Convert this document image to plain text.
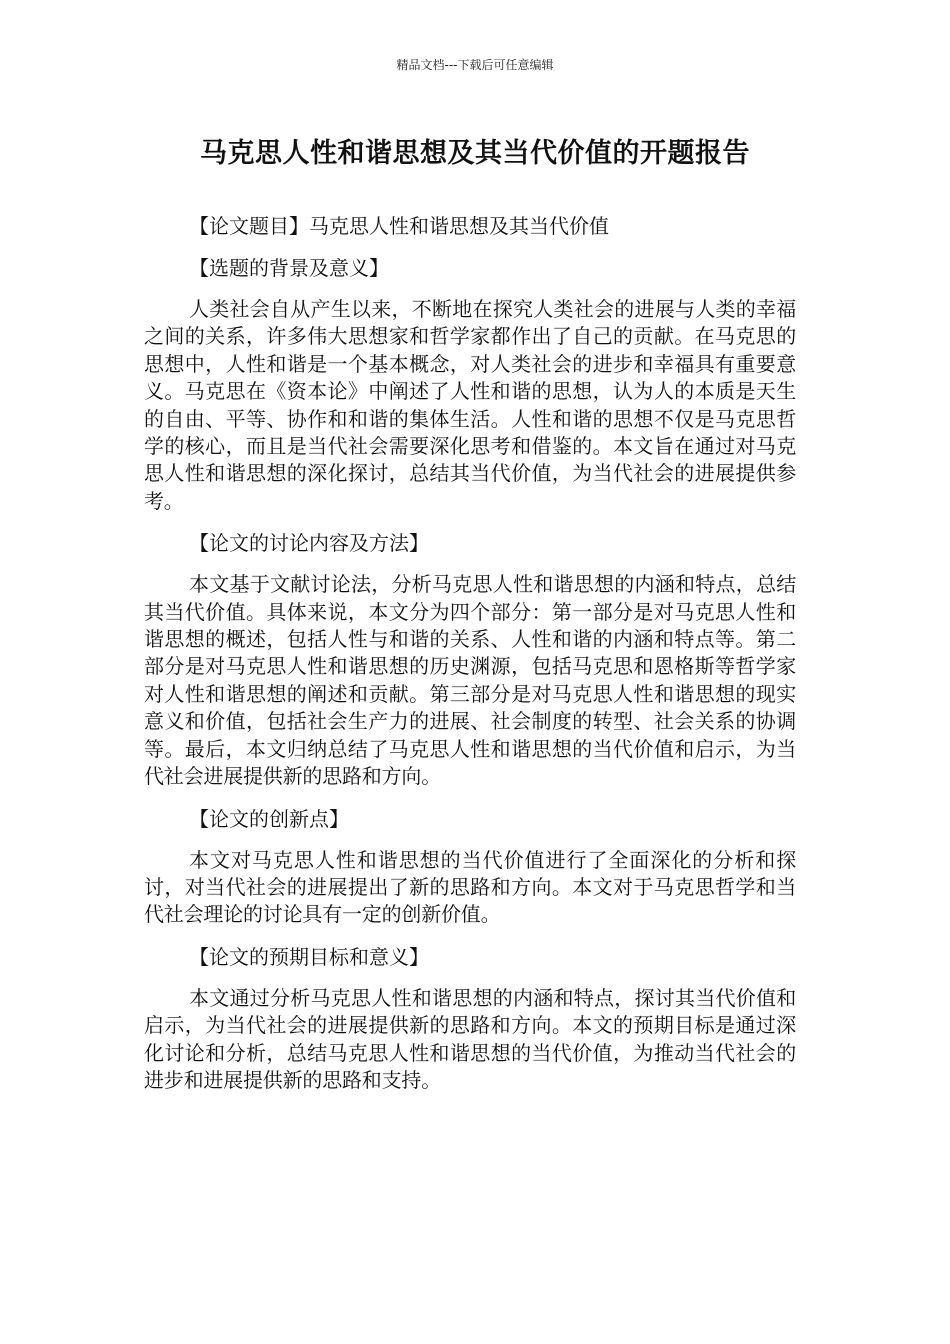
精品文档---下载后可任意编辑
马克思人性和谐思想及其当代价值的开题报告
【论文题目】马克思人性和谐思想及其当代价值
【选题的背景及意义】

人类社会自从产生以来，不断地在探究人类社会的进展与人类的幸福之间的关系，许多伟大思想家和哲学家都作出了自己的贡献。在马克思的思想中，人性和谐是一个基本概念，对人类社会的进步和幸福具有重要意义。马克思在《资本论》中阐述了人性和谐的思想，认为人的本质是天生的自由、平等、协作和和谐的集体生活。人性和谐的思想不仅是马克思哲学的核心，而且是当代社会需要深化思考和借鉴的。本文旨在通过对马克思人性和谐思想的深化探讨，总结其当代价值，为当代社会的进展提供参考。

【论文的讨论内容及方法】

本文基于文献讨论法，分析马克思人性和谐思想的内涵和特点，总结其当代价值。具体来说，本文分为四个部分：第一部分是对马克思人性和谐思想的概述，包括人性与和谐的关系、人性和谐的内涵和特点等。第二部分是对马克思人性和谐思想的历史渊源，包括马克思和恩格斯等哲学家对人性和谐思想的阐述和贡献。第三部分是对马克思人性和谐思想的现实意义和价值，包括社会生产力的进展、社会制度的转型、社会关系的协调等。最后，本文归纳总结了马克思人性和谐思想的当代价值和启示，为当代社会进展提供新的思路和方向。

【论文的创新点】

本文对马克思人性和谐思想的当代价值进行了全面深化的分析和探讨，对当代社会的进展提出了新的思路和方向。本文对于马克思哲学和当代社会理论的讨论具有一定的创新价值。

【论文的预期目标和意义】

本文通过分析马克思人性和谐思想的内涵和特点，探讨其当代价值和启示，为当代社会的进展提供新的思路和方向。本文的预期目标是通过深化讨论和分析，总结马克思人性和谐思想的当代价值，为推动当代社会的进步和进展提供新的思路和支持。
